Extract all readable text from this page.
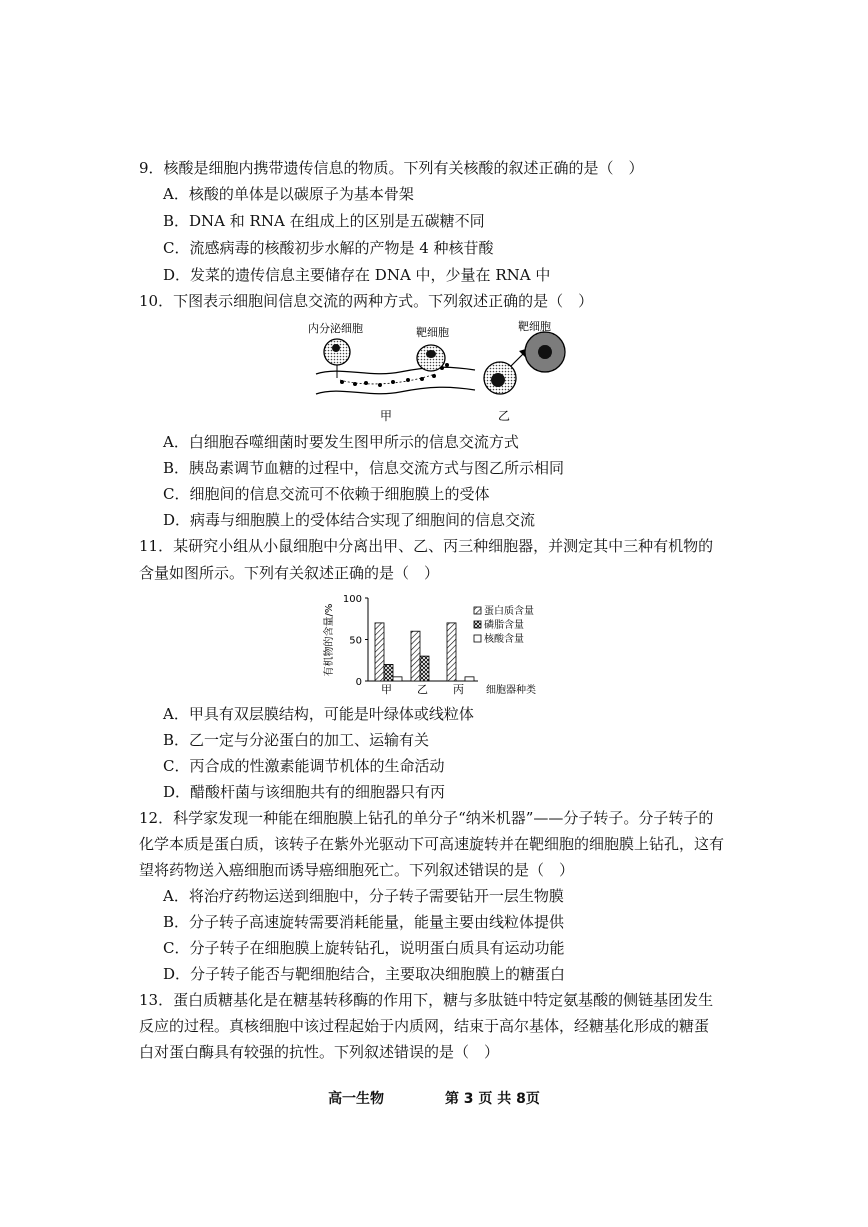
9．核酸是细胞内携带遗传信息的物质。下列有关核酸的叙述正确的是（　）
A．核酸的单体是以碳原子为基本骨架
B．DNA 和 RNA 在组成上的区别是五碳糖不同
C．流感病毒的核酸初步水解的产物是 4 种核苷酸
D．发菜的遗传信息主要储存在 DNA 中，少量在 RNA 中
10．下图表示细胞间信息交流的两种方式。下列叙述正确的是（　）
内分泌细胞	靶细胞	靶细胞
甲	乙
A．白细胞吞噬细菌时要发生图甲所示的信息交流方式
B．胰岛素调节血糖的过程中，信息交流方式与图乙所示相同
C．细胞间的信息交流可不依赖于细胞膜上的受体
D．病毒与细胞膜上的受体结合实现了细胞间的信息交流
11．某研究小组从小鼠细胞中分离出甲、乙、丙三种细胞器，并测定其中三种有机物的
含量如图所示。下列有关叙述正确的是（　）
有机物的含量/%
细胞器种类
0
50
100
甲 乙 丙
蛋白质含量
磷脂含量
核酸含量
A．甲具有双层膜结构，可能是叶绿体或线粒体
B．乙一定与分泌蛋白的加工、运输有关
C．丙合成的性激素能调节机体的生命活动
D．醋酸杆菌与该细胞共有的细胞器只有丙
12．科学家发现一种能在细胞膜上钻孔的单分子“纳米机器”——分子转子。分子转子的
化学本质是蛋白质，该转子在紫外光驱动下可高速旋转并在靶细胞的细胞膜上钻孔，这有
望将药物送入癌细胞而诱导癌细胞死亡。下列叙述错误的是（　）
A．将治疗药物运送到细胞中，分子转子需要钻开一层生物膜
B．分子转子高速旋转需要消耗能量，能量主要由线粒体提供
C．分子转子在细胞膜上旋转钻孔，说明蛋白质具有运动功能
D．分子转子能否与靶细胞结合，主要取决细胞膜上的糖蛋白
13．蛋白质糖基化是在糖基转移酶的作用下，糖与多肽链中特定氨基酸的侧链基团发生
反应的过程。真核细胞中该过程起始于内质网，结束于高尔基体，经糖基化形成的糖蛋
白对蛋白酶具有较强的抗性。下列叙述错误的是（　）
高一生物	第 3 页 共 8页
